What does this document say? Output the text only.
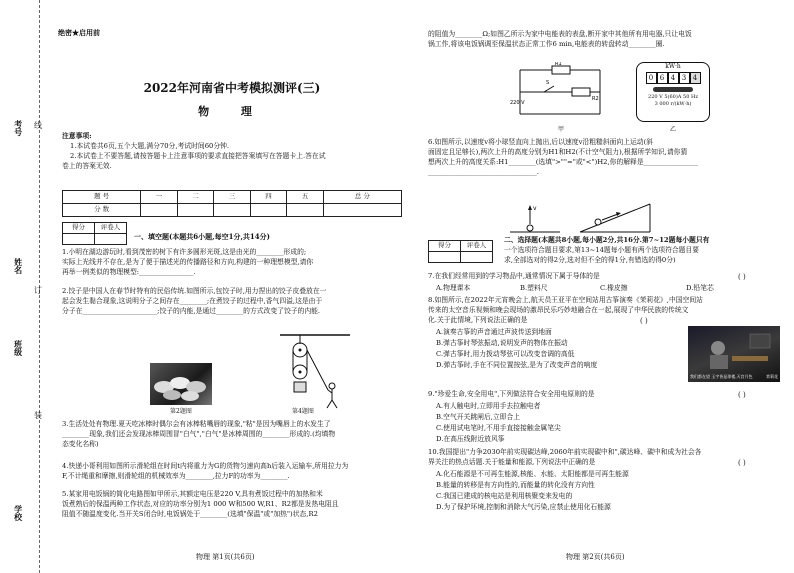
考号
姓名
班级
学校
线
订
装
绝密★启用前
2022年河南省中考模拟测评(三)
物 理
注意事项:
1.本试卷共6页,五个大题,满分70分,考试时间60分钟.
2.本试卷上不要答题,请按答题卡上注意事项的要求直接把答案填写在答题卡上.答在试
卷上的答案无效.
题 号	一	二	三	四	五	总 分
分 数						
得分	评卷人

一、填空题(本题共6小题,每空1分,共14分)
1.小明在湖边游玩时,看到茂密的树下有许多圆形光斑,这是由光的________形成的;
实际上光线并不存在,是为了便于描述光的传播路径和方向,构建的一种理想模型,请你
再举一例类似的物理模型:________________.
2.饺子是中国人在春节时特有的民俗传统.如图所示,包饺子时,用力捏出的饺子皮叠放在一
起会发生黏合现象,这说明分子之间存在________;在煮饺子的过程中,香气四溢,这是由于
分子在______________________;饺子的内能,是通过________的方式改变了饺子的内能.
第2题图	第4题图
3.生活处处有物理.夏天吃冰棒时偶尔会有冰棒粘嘴唇的现象,"粘"是因为嘴唇上的水发生了
________现象,我们还会发现冰棒周围冒"白气","白气"是冰棒周围的________形成的.(均填物
态变化名称)
4.快递小哥利用如图所示滑轮组在时间t内将重力为G的货物匀速向高h后装入运输车,所用拉力为
F,不计绳重和摩擦,则滑轮组的机械效率为________,拉力F的功率为________.
5.某家用电饭锅的简化电路图如甲所示,其额定电压是220 V,具有煮饭过程中的加热和米
饭煮熟后的保温两种工作状态,对应的功率分别为1 000 W和500 W,R1、R2都是发热电阻且
阻值不随温度变化.当开关S闭合时,电饭锅处于________(选填"保温"或"加热")状态,R2
物理 第1页(共6页)
的阻值为________Ω;如图乙所示为家中电能表的表盘,断开家中其他所有用电器,只让电饭
锅工作,将该电饭锅调至保温状态正常工作6 min,电能表的转盘转动________圈.
R1
R2
S
220 V
甲
kW·h
0 6 4 3 4
220 V 5(60)A 50 Hz
3 000 r/(kW·h)
乙
6.如图所示,以速度v将小球竖直向上抛出,后以速度v沿粗糙斜面向上运动(斜
面固定且足够长),两次上升的高度分别为H1和H2(不计空气阻力),根据所学知识,请你猜
想两次上升的高度关系:H1________(选填">""="或"<")H2,你的解释是________________
________________________________.
v
得分	评卷人

二、选择题(本题共8小题,每小题2分,共16分.第7~12题每小题只有
一个选项符合题目要求,第13~14题每小题有两个选项符合题目要
求,全部选对的得2分,选对但不全的得1分,有错选的得0分)
7.在我们经常用到的学习物品中,通常情况下属于导体的是	( )
A.物理课本	B.塑料尺	C.橡皮擦	D.铅笔芯
8.如图所示,在2022年元宵晚会上,航天员王亚平在空间站用古筝演奏《茉莉花》,中国空间站
传来的太空音乐视频和晚会现场的激昂民乐巧妙地融合在一起,展现了中华民族的传统文
化.关于此情境,下列说法正确的是	( )
A.演奏古筝的声音通过声波传送到地面
B.弹古筝时琴弦振动,说明发声的物体在振动
C.弹古筝时,用力拨动琴弦可以改变音调的高低
D.弹古筝时,手在不同位置按弦,是为了改变声音的响度
我们都在望 玉宇皆是琼楼,天宫月色	茉莉花
9."珍爱生命,安全用电",下列做法符合安全用电原则的是	( )
A.有人触电时,立即用手去拉触电者
B.空气开关跳闸后,立即合上
C.使用试电笔时,不用手直接接触金属笔尖
D.在高压线附近放风筝
10.我国提出"力争2030年前实现碳达峰,2060年前实现碳中和",碳达峰、碳中和成为社会各
界关注的热点话题.关于能量和能源,下列说法中正确的是	( )
A.化石能源是不可再生能源,核能、水能、太阳能都是可再生能源
B.能量的转移是有方向性的,而能量的转化没有方向性
C.我国已建成的核电站是利用核聚变来发电的
D.为了保护环境,控制和消除大气污染,应禁止使用化石能源
物理 第2页(共6页)
